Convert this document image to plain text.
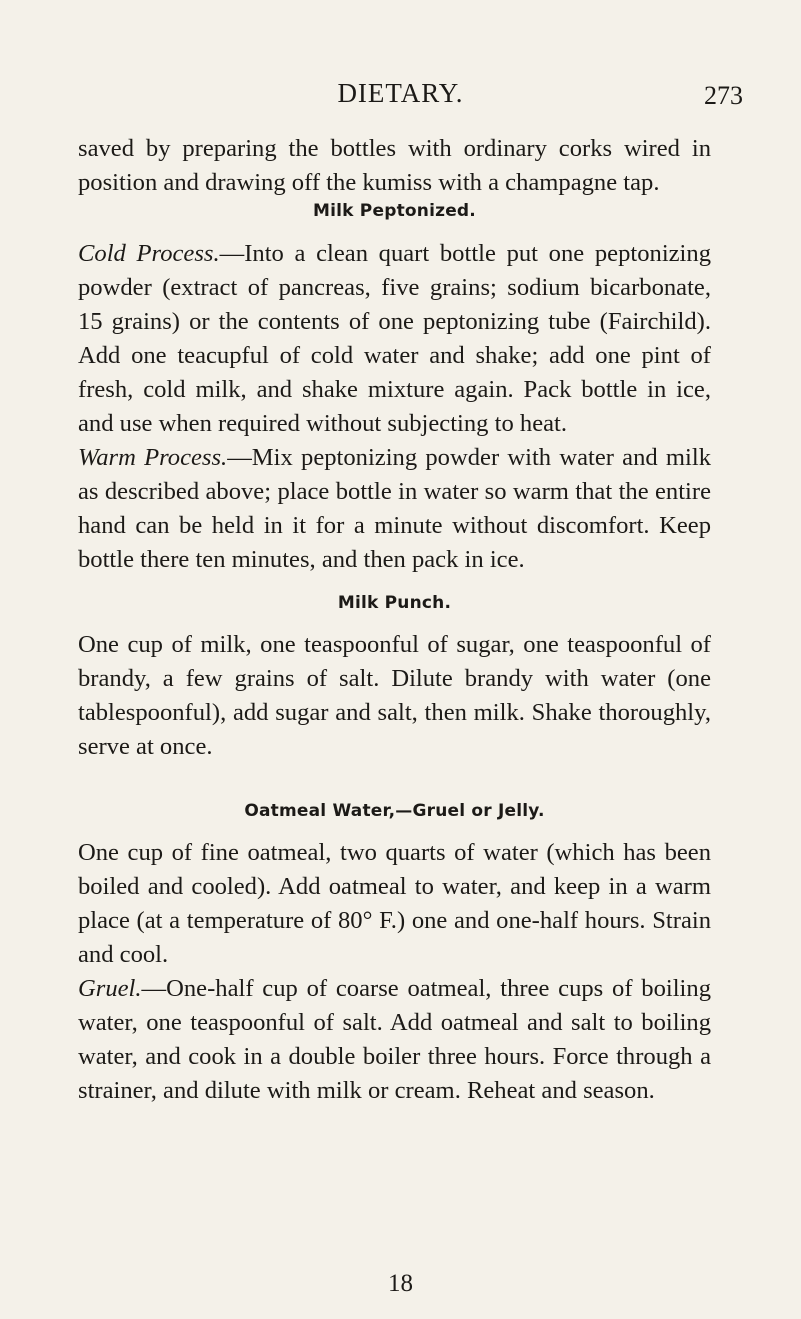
DIETARY.	273

saved by preparing the bottles with ordinary corks wired in position and drawing off the kumiss with a champagne tap.

Milk Peptonized.

Cold Process.—Into a clean quart bottle put one peptonizing powder (extract of pancreas, five grains; sodium bicarbonate, 15 grains) or the contents of one peptonizing tube (Fairchild). Add one teacupful of cold water and shake; add one pint of fresh, cold milk, and shake mixture again. Pack bottle in ice, and use when required without subjecting to heat.

Warm Process.—Mix peptonizing powder with water and milk as described above; place bottle in water so warm that the entire hand can be held in it for a minute without discomfort. Keep bottle there ten minutes, and then pack in ice.

Milk Punch.

One cup of milk, one teaspoonful of sugar, one teaspoonful of brandy, a few grains of salt. Dilute brandy with water (one tablespoonful), add sugar and salt, then milk. Shake thoroughly, serve at once.

Oatmeal Water,—Gruel or Jelly.

One cup of fine oatmeal, two quarts of water (which has been boiled and cooled). Add oatmeal to water, and keep in a warm place (at a temperature of 80° F.) one and one-half hours. Strain and cool.

Gruel.—One-half cup of coarse oatmeal, three cups of boiling water, one teaspoonful of salt. Add oatmeal and salt to boiling water, and cook in a double boiler three hours. Force through a strainer, and dilute with milk or cream. Reheat and season.

18
